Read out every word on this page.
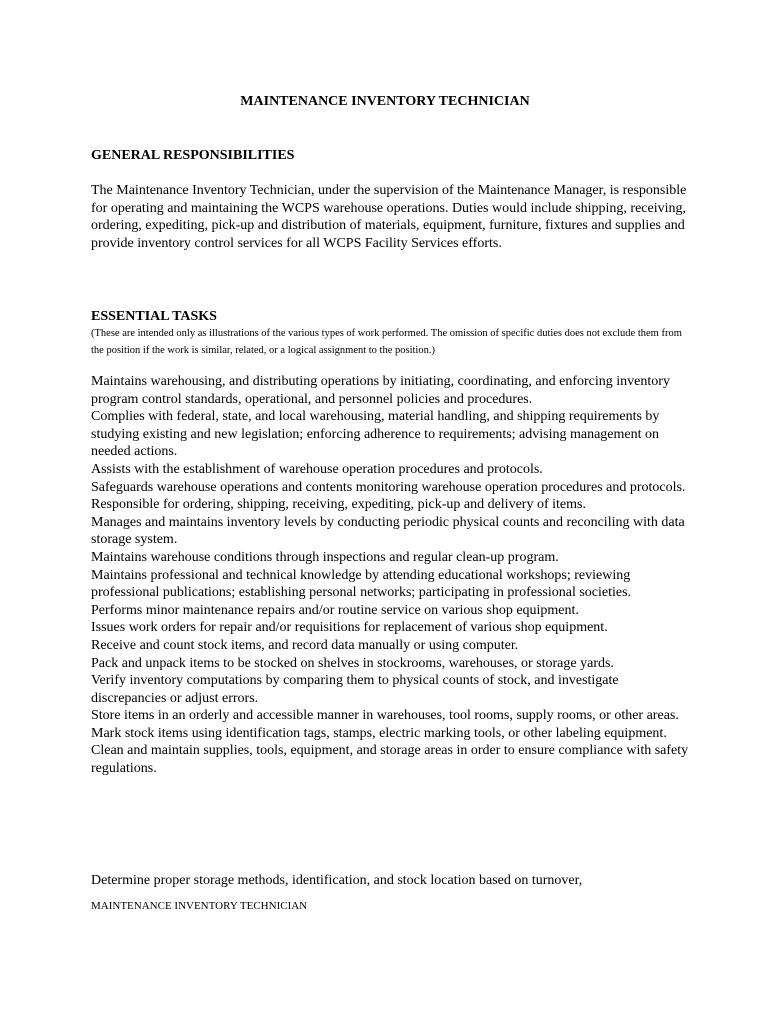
MAINTENANCE INVENTORY TECHNICIAN
GENERAL RESPONSIBILITIES
The Maintenance Inventory Technician, under the supervision of the Maintenance Manager, is responsible for operating and maintaining the WCPS warehouse operations. Duties would include shipping, receiving, ordering, expediting, pick-up and distribution of materials, equipment, furniture, fixtures and supplies and provide inventory control services for all WCPS Facility Services efforts.
ESSENTIAL TASKS
(These are intended only as illustrations of the various types of work performed. The omission of specific duties does not exclude them from the position if the work is similar, related, or a logical assignment to the position.)
Maintains warehousing, and distributing operations by initiating, coordinating, and enforcing inventory program control standards, operational, and personnel policies and procedures.
Complies with federal, state, and local warehousing, material handling, and shipping requirements by studying existing and new legislation; enforcing adherence to requirements; advising management on needed actions.
Assists with the establishment of warehouse operation procedures and protocols.
Safeguards warehouse operations and contents monitoring warehouse operation procedures and protocols.
Responsible for ordering, shipping, receiving, expediting, pick-up and delivery of items.
Manages and maintains inventory levels by conducting periodic physical counts and reconciling with data storage system.
Maintains warehouse conditions through inspections and regular clean-up program.
Maintains professional and technical knowledge by attending educational workshops; reviewing professional publications; establishing personal networks; participating in professional societies.
Performs minor maintenance repairs and/or routine service on various shop equipment.
Issues work orders for repair and/or requisitions for replacement of various shop equipment.
Receive and count stock items, and record data manually or using computer.
Pack and unpack items to be stocked on shelves in stockrooms, warehouses, or storage yards.
Verify inventory computations by comparing them to physical counts of stock, and investigate discrepancies or adjust errors.
Store items in an orderly and accessible manner in warehouses, tool rooms, supply rooms, or other areas.
Mark stock items using identification tags, stamps, electric marking tools, or other labeling equipment.
Clean and maintain supplies, tools, equipment, and storage areas in order to ensure compliance with safety regulations.
Determine proper storage methods, identification, and stock location based on turnover,
MAINTENANCE INVENTORY TECHNICIAN
